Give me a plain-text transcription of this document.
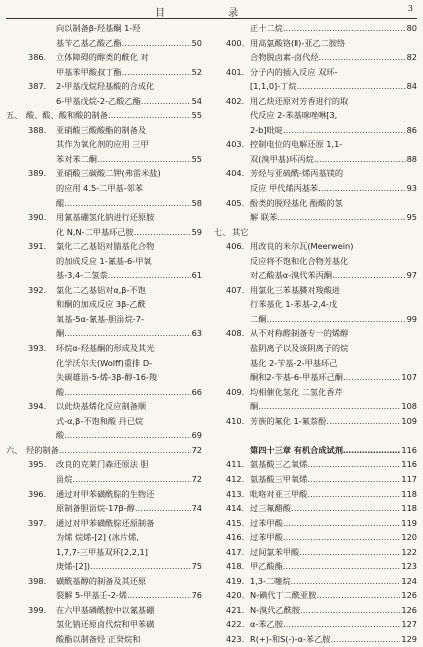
目	录	3
向以制备β-羟基酮 1-羟
基苄乙基乙酸乙酯 …………………………………………………………………………………………	50
386. 立体障碍的醇类的酰化 对
甲基苯甲酸叔丁酯 …………………………………………………………………………………………	52
387. 2-甲基戊烷羟基酸的合成化
6-甲基戊烷-2-乙酸乙酯 …………………………………………………………………………………………	54
五、 酸、酸、酸和酸的制备 …………………………………………………………………………………………	55
388. 亚硝酸三酸酸酯的制备及
其作为氧化剂的应用 三甲
苯对苯二酮 …………………………………………………………………………………………	55
389. 亚硝酸三碳酸二钾(弗雷米盐)
的应用 4.5-二甲基-邻苯
醌 …………………………………………………………………………………………	58
390. 用氰基硼氢化钠进行还原胺
化 N,N-二甲基环己胺 …………………………………………………………………………………………	59
391. 氯化二乙基铝对腈基化合物
的加成反应 1-氰基-6-甲氧
基-3,4-二氢萘 …………………………………………………………………………………………	61
392. 氯化二乙基铝对α,β-不饱
和酮的加成反应 3β-乙酰
氧基-5α-氰基-胆甾烷-7-
酮 …………………………………………………………………………………………	63
393. 环烷α-羟基酮的形成及其光
化学沃尔夫(Wolff)重排 D-
失碳雄甾-5-烯-3β-醇-16-羧
酸 …………………………………………………………………………………………	66
394. 以此炔基烯化反应制备顺
式-α,β-不饱和酸 丹已烷
酸 …………………………………………………………………………………………	69
六、 羟的制备 …………………………………………………………………………………………	72
395. 改良的克莱门森还原法 胆
甾烷 …………………………………………………………………………………………	72
396. 通过对甲苯磺酰腙的生物还
原制备胆甾烷-17β-醇 …………………………………………………………………………………………	74
397. 通过对甲苯磺酰腙还原制备
为烯 烷烯-[2] (冰片烯,
1,7,7-三甲基双环[2,2,1]
庚烯-[2]) …………………………………………………………………………………………	75
398. 磺酰基醇的制备及其还原
裂解 5-甲基壬-2-烯 …………………………………………………………………………………………	76
399. 在六甲基磷酰胺中以氰基硼
氢化钠还原卤代烷和甲苯磺
酸酯以制备烃 正癸烷和
正十二烷 …………………………………………………………………………………………	80
400. 用高氯酸铬(Ⅱ)-亚乙二胺络
合物脱卤素-卤代烃 …………………………………………………………………………………………	82
401. 分子内的插入反应 双环-
[1,1,0]-丁烷 …………………………………………………………………………………………	84
402. 用乙炔还原对芳香进行的取
代反应 2-苯基咪唑啉[3,
2-b]吡啶 …………………………………………………………………………………………	86
403. 控制电位的电解还原 1,1-
双(溴甲基)环丙烷 …………………………………………………………………………………………	88
404. 芳烃与亚硫酰-烯丙基镁的
反应 甲代烯丙基苯 …………………………………………………………………………………………	93
405. 酚类的脱羟基化 酚酸的氢
解 联苯 …………………………………………………………………………………………	95
七、 其它
406. 用改良的米尔瓦(Meerwein)
反应将不饱和化合物芳基化
对乙酸基α-溴代苯丙酮 …………………………………………………………………………………………	97
407. 用氯化三苯基膦对羧酸进
行苯基化 1-苯基-2,4-戊
二酮 …………………………………………………………………………………………	99
408. 从不对称醛制备专一的烯醇
盐阴离子以及该阴离子的烷
基化 2-苄基-2-甲基环己
酮和2-苄基-6-甲基环己酮 …………………………………………………………………………………………	107
409. 均相催化氢化 二氢化香芹
酮 …………………………………………………………………………………………	108
410. 芳族的氟化 1-氟萘酚 …………………………………………………………………………………………	109
第四十三章 有机合成试剂 …………………………………………………………………………………………	116
411. 氨基酸三乙氧烯 …………………………………………………………………………………………	116
412. 氨基酸三甲氧烯 …………………………………………………………………………………………	117
413. 吡咯对亚三甲酸 …………………………………………………………………………………………	118
414. 过三氟醋酸 …………………………………………………………………………………………	118
415. 过苯甲酸 …………………………………………………………………………………………	119
416. 过苯甲酸 …………………………………………………………………………………………	120
417. 过间氯苯甲酸 …………………………………………………………………………………………	122
418. 甲乙酸酯 …………………………………………………………………………………………	123
419. 1,3-二噻烷 …………………………………………………………………………………………	124
420. N-碘代丁二酰亚胺 …………………………………………………………………………………………	126
421. N-溴代乙酰胺 …………………………………………………………………………………………	126
422. α-苯乙胺 …………………………………………………………………………………………	127
423. R(+)-和S(-)-α-苯乙胺 …………………………………………………………………………………………	129
